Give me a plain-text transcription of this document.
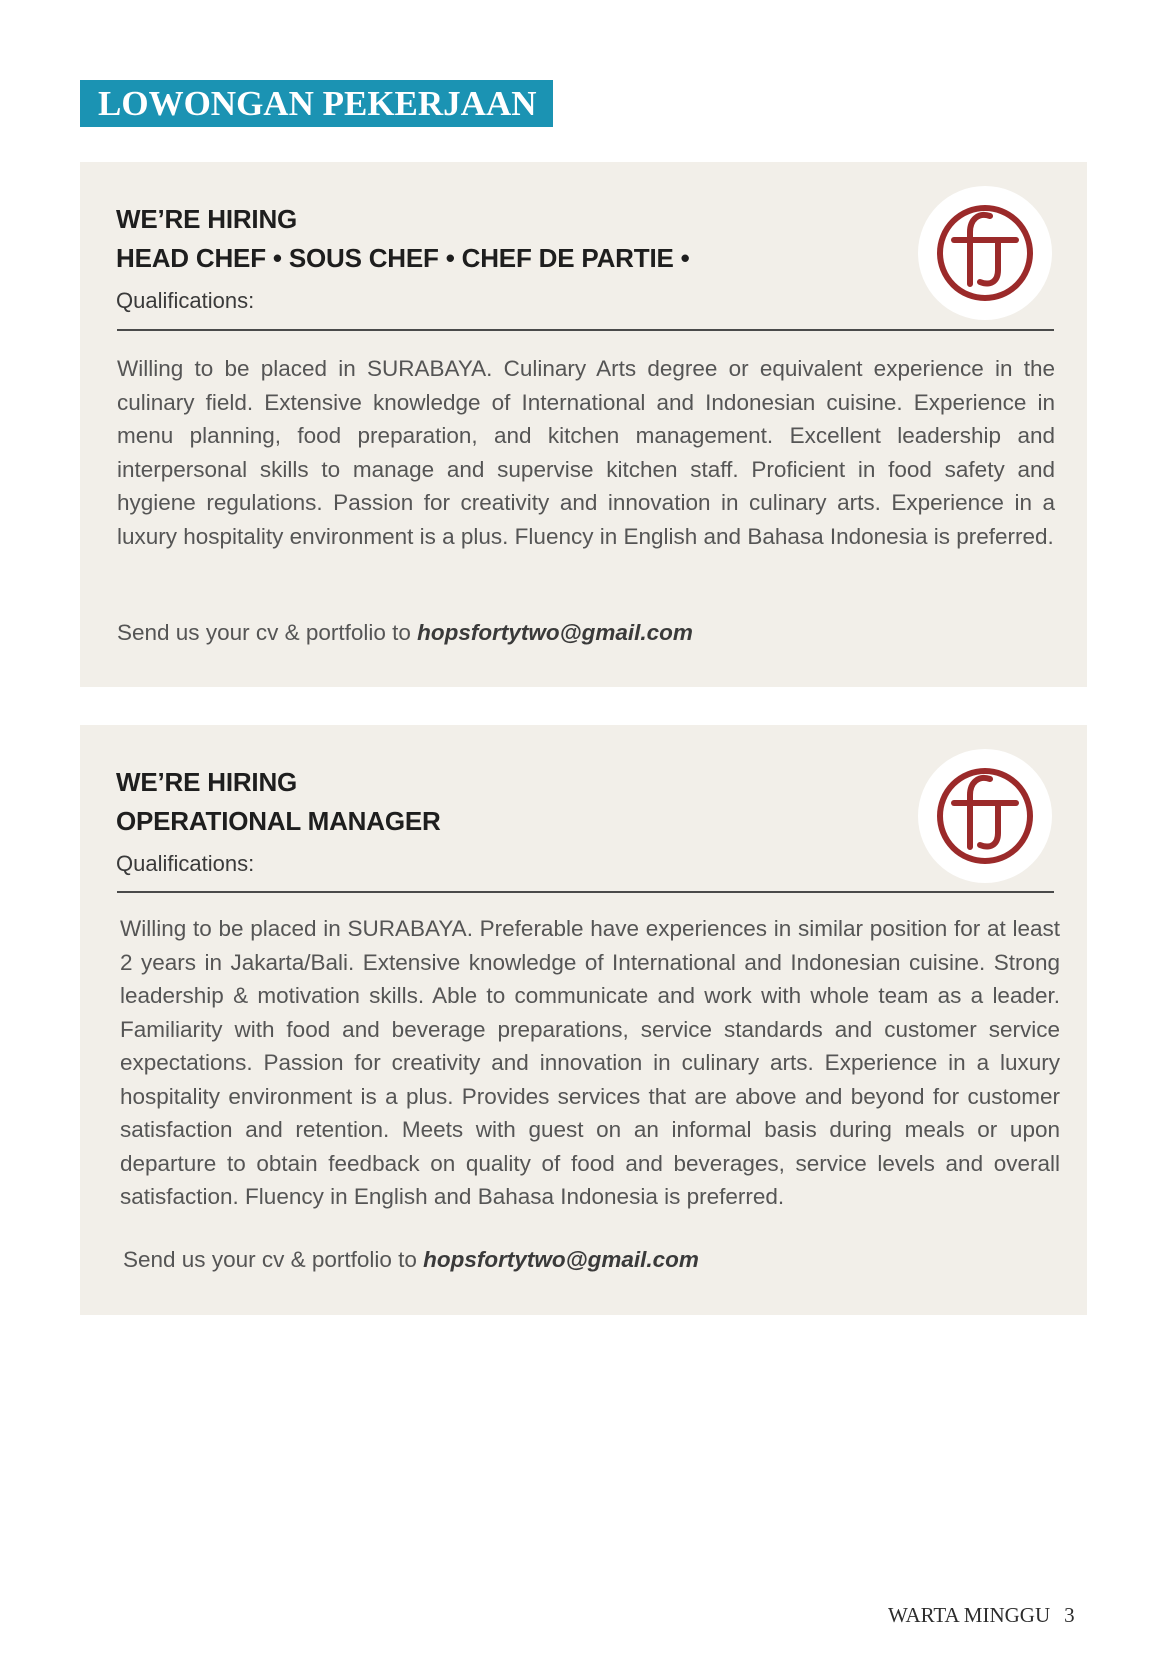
LOWONGAN PEKERJAAN
WE’RE HIRING
HEAD CHEF • SOUS CHEF • CHEF DE PARTIE •
Qualifications:
Willing to be placed in SURABAYA. Culinary Arts degree or equivalent experience in the culinary field. Extensive knowledge of International and Indonesian cuisine. Experience in menu planning, food preparation, and kitchen management. Excellent leadership and interpersonal skills to manage and supervise kitchen staff. Proficient in food safety and hygiene regulations. Passion for creativity and innovation in culinary arts. Experience in a luxury hospitality environment is a plus. Fluency in English and Bahasa Indonesia is preferred.
Send us your cv & portfolio to hopsfortytwo@gmail.com
WE’RE HIRING
OPERATIONAL MANAGER
Qualifications:
Willing to be placed in SURABAYA. Preferable have experiences in similar position for at least 2 years in Jakarta/Bali. Extensive knowledge of International and Indonesian cuisine. Strong leadership & motivation skills. Able to communicate and work with whole team as a leader. Familiarity with food and beverage preparations, service standards and customer service expectations. Passion for creativity and innovation in culinary arts. Experience in a luxury hospitality environment is a plus. Provides services that are above and beyond for customer satisfaction and retention. Meets with guest on an informal basis during meals or upon departure to obtain feedback on quality of food and beverages, service levels and overall satisfaction. Fluency in English and Bahasa Indonesia is preferred.
Send us your cv & portfolio to hopsfortytwo@gmail.com
WARTA MINGGU 3
